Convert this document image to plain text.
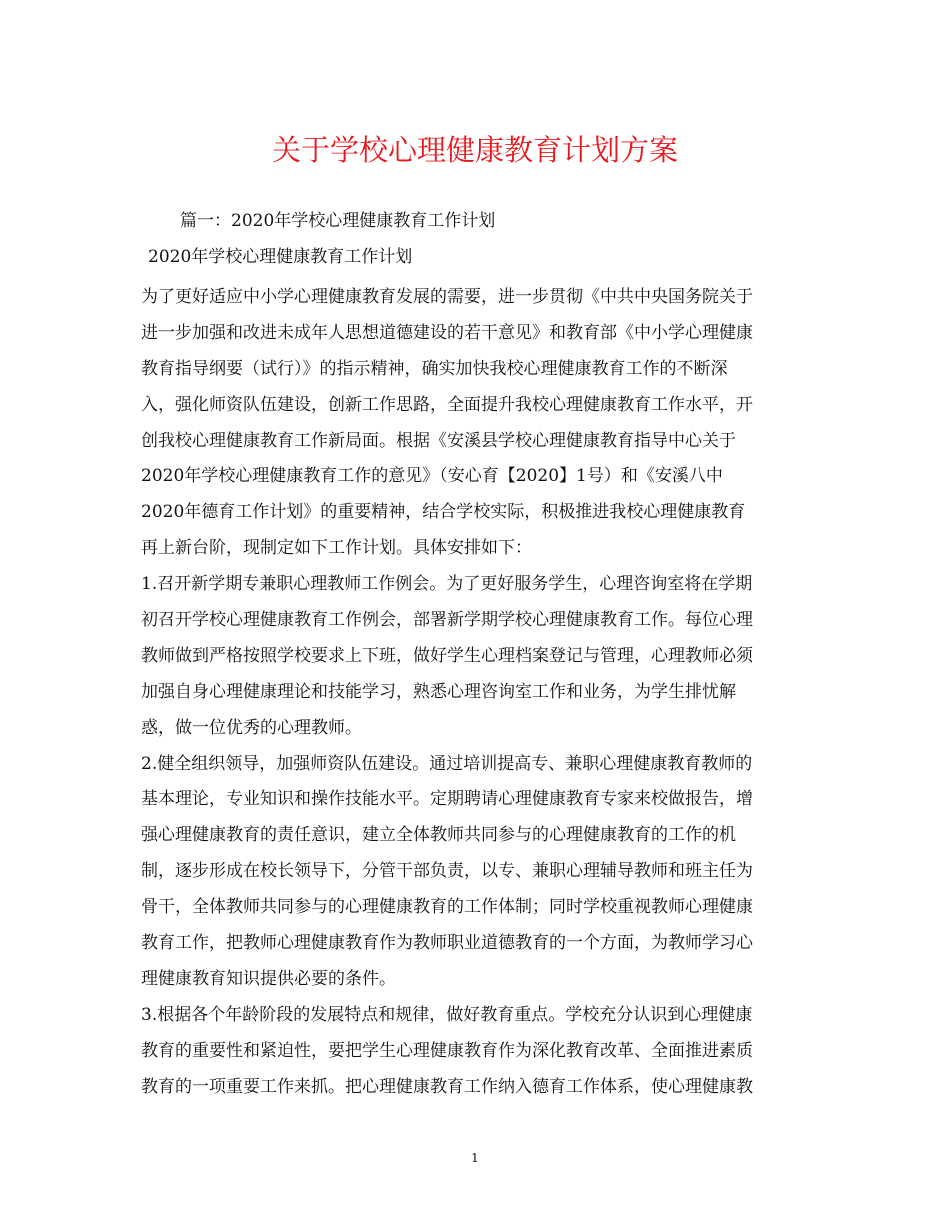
关于学校心理健康教育计划方案

篇一：2020年学校心理健康教育工作计划

2020年学校心理健康教育工作计划

为了更好适应中小学心理健康教育发展的需要，进一步贯彻《中共中央国务院关于
进一步加强和改进未成年人思想道德建设的若干意见》和教育部《中小学心理健康
教育指导纲要（试行）》的指示精神，确实加快我校心理健康教育工作的不断深
入，强化师资队伍建设，创新工作思路，全面提升我校心理健康教育工作水平，开
创我校心理健康教育工作新局面。根据《安溪县学校心理健康教育指导中心关于
2020年学校心理健康教育工作的意见》（安心育【2020】1号）和《安溪八中
2020年德育工作计划》的重要精神，结合学校实际，积极推进我校心理健康教育
再上新台阶，现制定如下工作计划。具体安排如下：
1.召开新学期专兼职心理教师工作例会。为了更好服务学生，心理咨询室将在学期
初召开学校心理健康教育工作例会，部署新学期学校心理健康教育工作。每位心理
教师做到严格按照学校要求上下班，做好学生心理档案登记与管理，心理教师必须
加强自身心理健康理论和技能学习，熟悉心理咨询室工作和业务，为学生排忧解
惑，做一位优秀的心理教师。
2.健全组织领导，加强师资队伍建设。通过培训提高专、兼职心理健康教育教师的
基本理论，专业知识和操作技能水平。定期聘请心理健康教育专家来校做报告，增
强心理健康教育的责任意识，建立全体教师共同参与的心理健康教育的工作的机
制，逐步形成在校长领导下，分管干部负责，以专、兼职心理辅导教师和班主任为
骨干，全体教师共同参与的心理健康教育的工作体制；同时学校重视教师心理健康
教育工作，把教师心理健康教育作为教师职业道德教育的一个方面，为教师学习心
理健康教育知识提供必要的条件。
3.根据各个年龄阶段的发展特点和规律，做好教育重点。学校充分认识到心理健康
教育的重要性和紧迫性，要把学生心理健康教育作为深化教育改革、全面推进素质
教育的一项重要工作来抓。把心理健康教育工作纳入德育工作体系，使心理健康教

1
